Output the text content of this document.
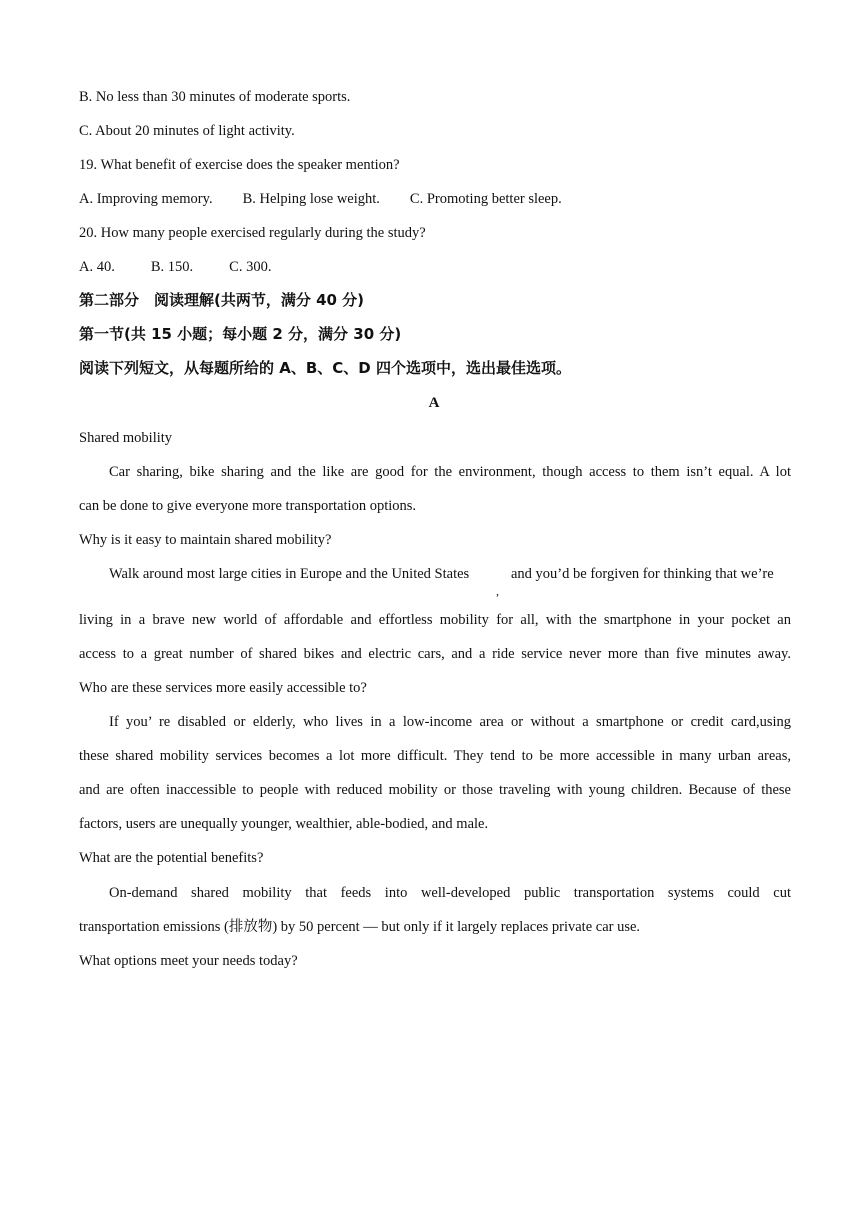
B. No less than 30 minutes of moderate sports.
C. About 20 minutes of light activity.
19. What benefit of exercise does the speaker mention?
A. Improving memory. B. Helping lose weight. C. Promoting better sleep.
20. How many people exercised regularly during the study?
A. 40. B. 150. C. 300.
第二部分　阅读理解(共两节，满分 40 分)
第一节(共 15 小题；每小题 2 分，满分 30 分)
阅读下列短文，从每题所给的 A、B、C、D 四个选项中，选出最佳选项。
A
Shared mobility
Car sharing, bike sharing and the like are good for the environment, though access to them isn’t equal. A lot
can be done to give everyone more transportation options.
Why is it easy to maintain shared mobility?
Walk around most large cities in Europe and the United States
,
and you’d be forgiven for thinking that we’re
living in a brave new world of affordable and effortless mobility for all, with the smartphone in your pocket an
access to a great number of shared bikes and electric cars, and a ride service never more than five minutes away.
Who are these services more easily accessible to?
If you’ re disabled or elderly, who lives in a low-income area or without a smartphone or credit card,using
these shared mobility services becomes a lot more difficult. They tend to be more accessible in many urban areas,
and are often inaccessible to people with reduced mobility or those traveling with young children. Because of these
factors, users are unequally younger, wealthier, able-bodied, and male.
What are the potential benefits?
On-demand shared mobility that feeds into well-developed public transportation systems could cut
transportation emissions (排放物) by 50 percent — but only if it largely replaces private car use.
What options meet your needs today?
